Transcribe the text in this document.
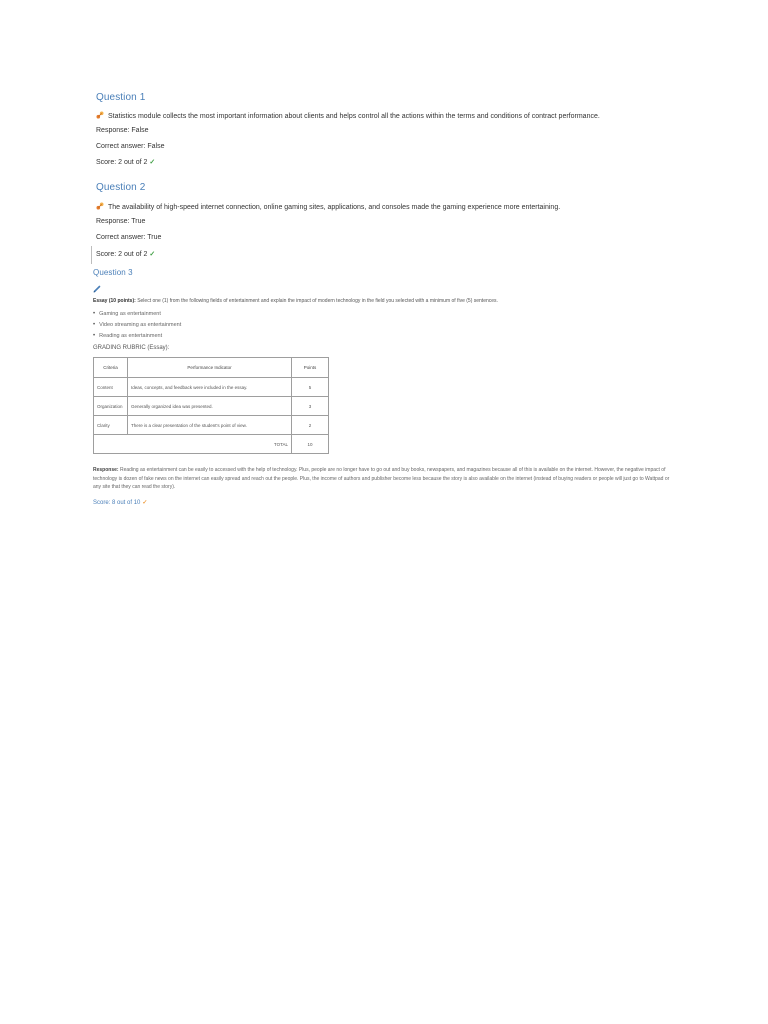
Question 1
Statistics module collects the most important information about clients and helps control all the actions within the terms and conditions of contract performance.
Response: False
Correct answer: False
Score: 2 out of 2 ✓
Question 2
The availability of high-speed internet connection, online gaming sites, applications, and consoles made the gaming experience more entertaining.
Response: True
Correct answer: True
Score: 2 out of 2 ✓
Question 3
Essay (10 points): Select one (1) from the following fields of entertainment and explain the impact of modern technology in the field you selected with a minimum of five (5) sentences.
• Gaming as entertainment
• Video streaming as entertainment
• Reading as entertainment
GRADING RUBRIC (Essay):
Criteria	Performance Indicator	Points
Content	Ideas, concepts, and feedback were included in the essay.	5
Organization	Generally organized idea was presented.	3
Clarity	There is a clear presentation of the student's point of view.	2
TOTAL		10
Response: Reading as entertainment can be easily to accessed with the help of technology. Plus, people are no longer have to go out and buy books, newspapers, and magazines because all of this is available on the internet. However, the negative impact of technology is dozen of fake news on the internet can easily spread and reach out the people. Plus, the income of authors and publisher become less because the story is also available on the internet (instead of buying readers or people will just go to Wattpad or any site that they can read the story).
Score: 8 out of 10 ✓
